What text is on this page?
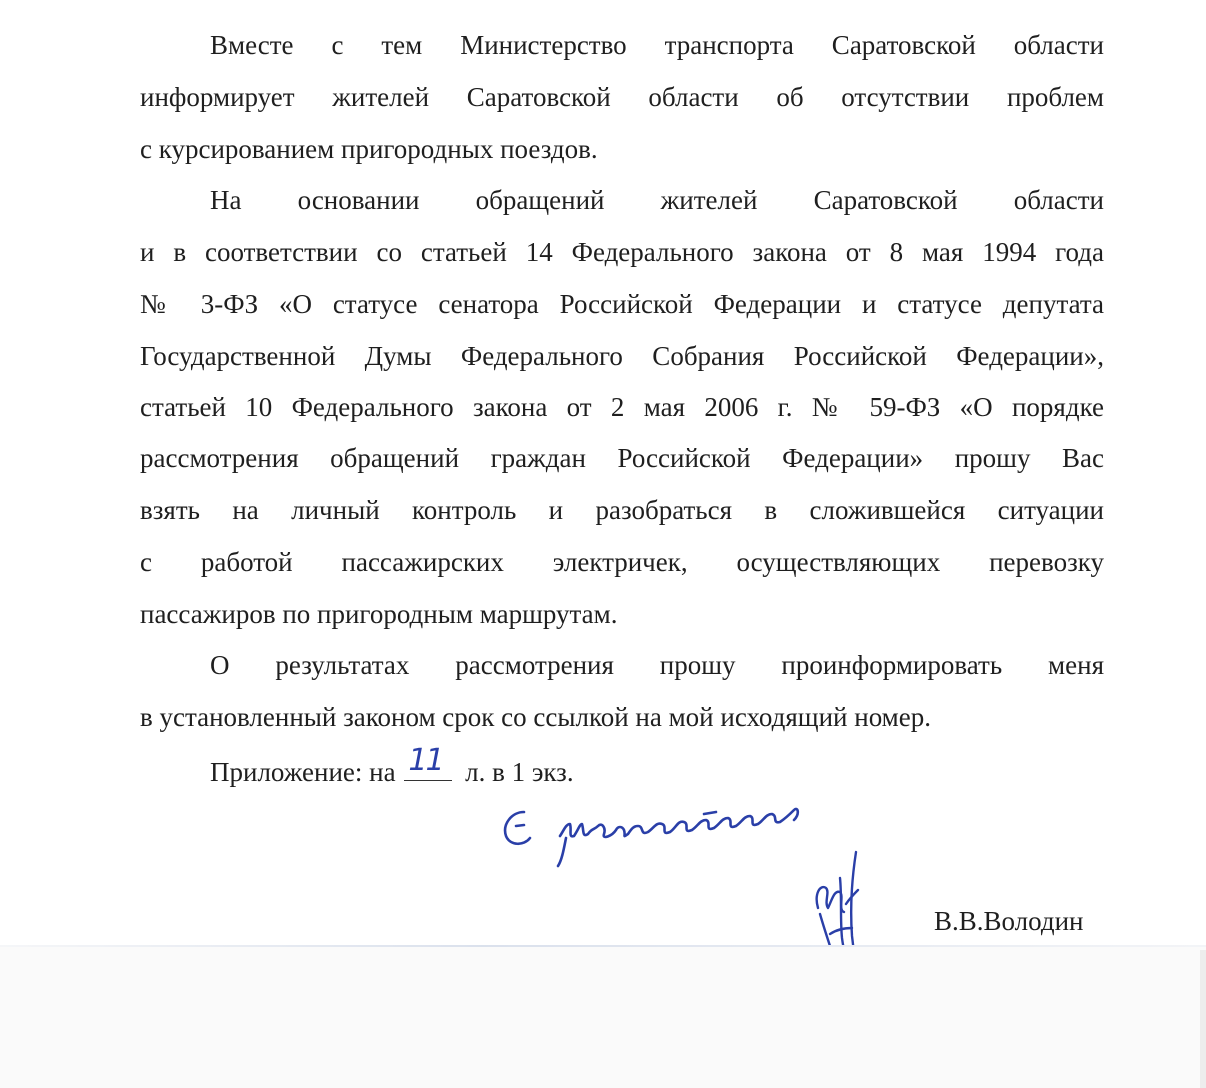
Вместе с тем Министерство транспорта Саратовской области
информирует жителей Саратовской области об отсутствии проблем
с курсированием пригородных поездов.
На основании обращений жителей Саратовской области
и в соответствии со статьей 14 Федерального закона от 8 мая 1994 года
№ 3-ФЗ «О статусе сенатора Российской Федерации и статусе депутата
Государственной Думы Федерального Собрания Российской Федерации»,
статьей 10 Федерального закона от 2 мая 2006 г. № 59-ФЗ «О порядке
рассмотрения обращений граждан Российской Федерации» прошу Вас
взять на личный контроль и разобраться в сложившейся ситуации
с работой пассажирских электричек, осуществляющих перевозку
пассажиров по пригородным маршрутам.
О результатах рассмотрения прошу проинформировать меня
в установленный законом срок со ссылкой на мой исходящий номер.
Приложение: на 11 л. в 1 экз.
В.В.Володин
